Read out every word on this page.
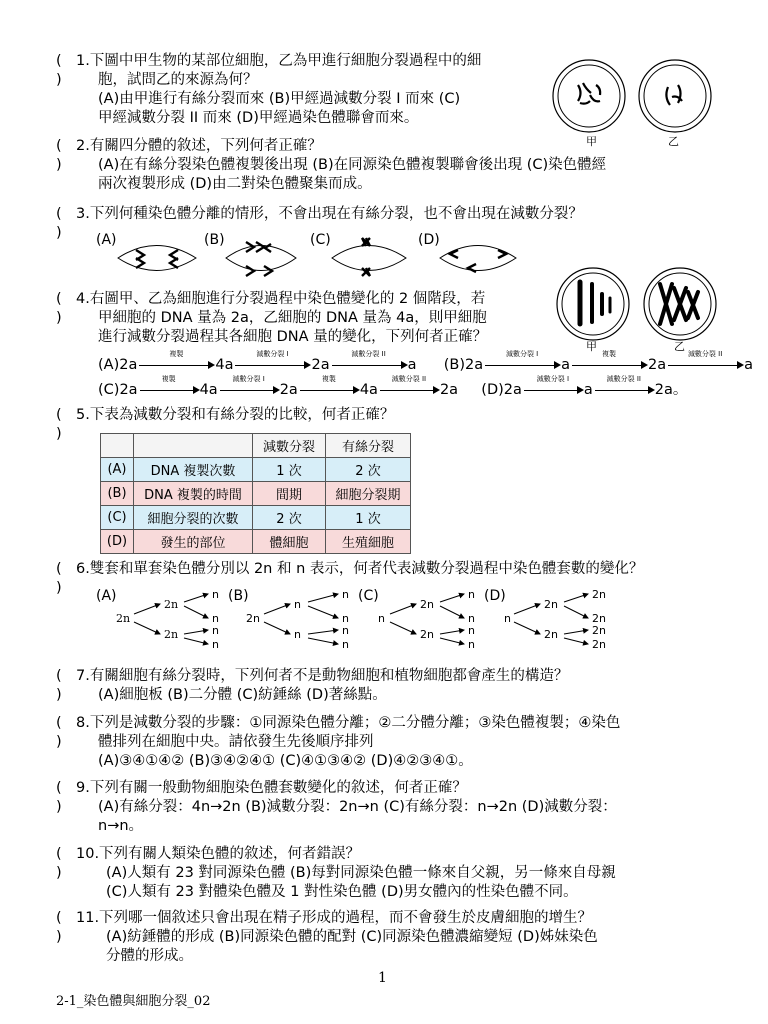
( )
1.下圖中甲生物的某部位細胞，乙為甲進行細胞分裂過程中的細
胞，試問乙的來源為何？
(A)由甲進行有絲分裂而來 (B)甲經過減數分裂 I 而來 (C)
甲經減數分裂 II 而來 (D)甲經過染色體聯會而來。
甲	乙
( )
2.有關四分體的敘述，下列何者正確？
(A)在有絲分裂染色體複製後出現 (B)在同源染色體複製聯會後出現 (C)染色體經
兩次複製形成 (D)由二對染色體聚集而成。
( )
3.下列何種染色體分離的情形，不會出現在有絲分裂，也不會出現在減數分裂？
(A)	(B)	(C)	(D)
( )
4.右圖甲、乙為細胞進行分裂過程中染色體變化的 2 個階段，若
甲細胞的 DNA 量為 2a，乙細胞的 DNA 量為 4a，則甲細胞
進行減數分裂過程其各細胞 DNA 量的變化，下列何者正確？
甲	乙
(A)2a
複製
4a
減數分裂 I
2a
減數分裂 II
a (B)2a
減數分裂 I
a
複製
2a
減數分裂 II
a
(C)2a
複製
4a
減數分裂 I
2a
複製
4a
減數分裂 II
2a (D)2a
減數分裂 I
a
減數分裂 II
2a。
( )
5.下表為減數分裂和有絲分裂的比較，何者正確？
		減數分裂	有絲分裂
(A)	DNA 複製次數	1 次	2 次
(B)	DNA 複製的時間	間期	細胞分裂期
(C)	細胞分裂的次數	2 次	1 次
(D)	發生的部位	體細胞	生殖細胞
( )
6.雙套和單套染色體分別以 2n 和 n 表示，何者代表減數分裂過程中染色體套數的變化？
(A)
2n
2n
2n
n
n
n
n
(B)
2n
n
n
n
n
n
n
(C)
n
2n
2n
n
n
n
n
(D)
n
2n
2n
2n
2n
2n
2n
( )
7.有關細胞有絲分裂時，下列何者不是動物細胞和植物細胞都會產生的構造？
(A)細胞板 (B)二分體 (C)紡錘絲 (D)著絲點。
( )
8.下列是減數分裂的步驟：①同源染色體分離；②二分體分離；③染色體複製；④染色
體排列在細胞中央。請依發生先後順序排列
(A)③④①④② (B)③④②④① (C)④①③④② (D)④②③④①。
( )
9.下列有關一般動物細胞染色體套數變化的敘述，何者正確？
(A)有絲分裂：4n→2n (B)減數分裂：2n→n (C)有絲分裂：n→2n (D)減數分裂：
n→n。
( )
10.下列有關人類染色體的敘述，何者錯誤？
(A)人類有 23 對同源染色體 (B)每對同源染色體一條來自父親，另一條來自母親
(C)人類有 23 對體染色體及 1 對性染色體 (D)男女體內的性染色體不同。
( )
11.下列哪一個敘述只會出現在精子形成的過程，而不會發生於皮膚細胞的增生？
(A)紡錘體的形成 (B)同源染色體的配對 (C)同源染色體濃縮變短 (D)姊妹染色
分體的形成。
1
2-1_染色體與細胞分裂_02
